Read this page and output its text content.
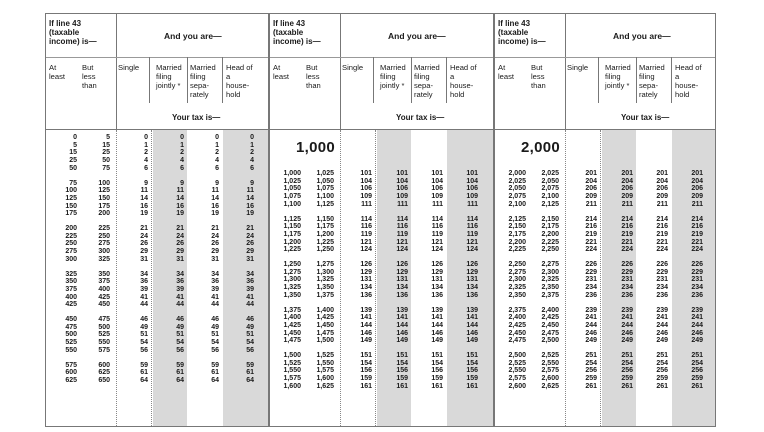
If line 43
(taxable
income) is—
And you are—
At
least
But
less
than
Single Married
filing
jointly *
Married
filing
sepa-
rately
Head of
a
house-
hold
Your tax is—
0	5	0	0	0	0
5	15	1	1	1	1
15	25	2	2	2	2
25	50	4	4	4	4
50	75	6	6	6	6
75	100	9	9	9	9
100	125	11	11	11	11
125	150	14	14	14	14
150	175	16	16	16	16
175	200	19	19	19	19
200	225	21	21	21	21
225	250	24	24	24	24
250	275	26	26	26	26
275	300	29	29	29	29
300	325	31	31	31	31
325	350	34	34	34	34
350	375	36	36	36	36
375	400	39	39	39	39
400	425	41	41	41	41
425	450	44	44	44	44
450	475	46	46	46	46
475	500	49	49	49	49
500	525	51	51	51	51
525	550	54	54	54	54
550	575	56	56	56	56
575	600	59	59	59	59
600	625	61	61	61	61
625	650	64	64	64	64
If line 43
(taxable
income) is—
And you are—
At
least
But
less
than
Single Married
filing
jointly *
Married
filing
sepa-
rately
Head of
a
house-
hold
Your tax is—
1,000
1,000 1,025	101	101	101	101
1,025 1,050	104	104	104	104
1,050 1,075	106	106	106	106
1,075 1,100	109	109	109	109
1,100 1,125	111	111	111	111
1,125 1,150	114	114	114	114
1,150 1,175	116	116	116	116
1,175 1,200	119	119	119	119
1,200 1,225	121	121	121	121
1,225 1,250	124	124	124	124
1,250 1,275	126	126	126	126
1,275 1,300	129	129	129	129
1,300 1,325	131	131	131	131
1,325 1,350	134	134	134	134
1,350 1,375	136	136	136	136
1,375 1,400	139	139	139	139
1,400 1,425	141	141	141	141
1,425 1,450	144	144	144	144
1,450 1,475	146	146	146	146
1,475 1,500	149	149	149	149
1,500 1,525	151	151	151	151
1,525 1,550	154	154	154	154
1,550 1,575	156	156	156	156
1,575 1,600	159	159	159	159
1,600 1,625	161	161	161	161
If line 43
(taxable
income) is—
And you are—
At
least
But
less
than
Single Married
filing
jointly *
Married
filing
sepa-
rately
Head of
a
house-
hold
Your tax is—
2,000
2,000 2,025	201	201	201	201
2,025 2,050	204	204	204	204
2,050 2,075	206	206	206	206
2,075 2,100	209	209	209	209
2,100 2,125	211	211	211	211
2,125 2,150	214	214	214	214
2,150 2,175	216	216	216	216
2,175 2,200	219	219	219	219
2,200 2,225	221	221	221	221
2,225 2,250	224	224	224	224
2,250 2,275	226	226	226	226
2,275 2,300	229	229	229	229
2,300 2,325	231	231	231	231
2,325 2,350	234	234	234	234
2,350 2,375	236	236	236	236
2,375 2,400	239	239	239	239
2,400 2,425	241	241	241	241
2,425 2,450	244	244	244	244
2,450 2,475	246	246	246	246
2,475 2,500	249	249	249	249
2,500 2,525	251	251	251	251
2,525 2,550	254	254	254	254
2,550 2,575	256	256	256	256
2,575 2,600	259	259	259	259
2,600 2,625	261	261	261	261
